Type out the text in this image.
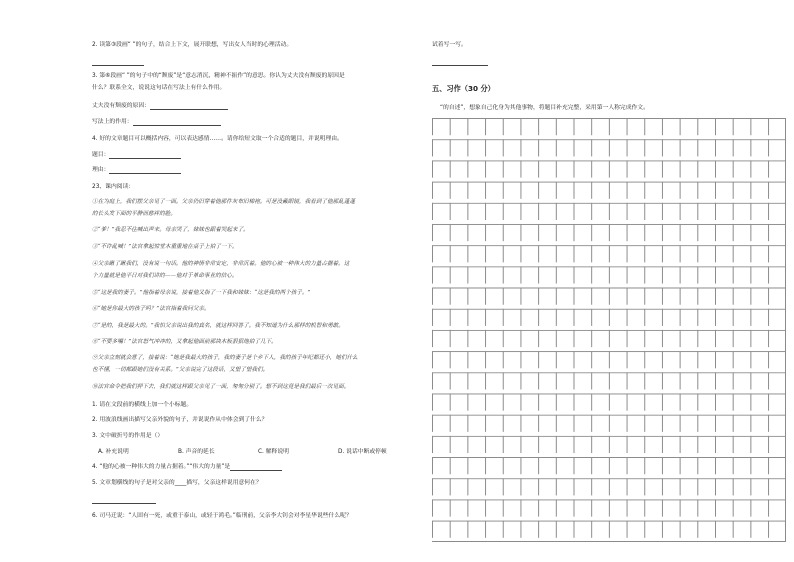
2. 读第③段画“ ”的句子，结合上下文，展开联想，写出女人当时的心理活动。
3. 第⑥段画“ ”的句子中的“颓废”是“意志消沉，精神不振作”的意思。你认为丈夫没有颓废的原因是
什么？联系全文，说说这句话在写法上有什么作用。
丈夫没有颓废的原因：
写法上的作用：
4. 好的文章题目可以概括内容，可以表达感情……。请你给短文取一个合适的题目，并说明理由。
题目：
理由：
23、课内阅读：
①在为庭上，我们摆父亲见了一面。父亲仍旧穿着他那件灰布旧棉袍。可是没戴眼镜，我看到了他那乱蓬蓬
的长头发下面的平静而慈祥的脸。
②“爹！”我忍不住喊出声来。母亲哭了，妹妹也跟着哭起来了。
③“不许乱喊！”法官拿起惊堂木重重地在桌子上拍了一下。
④父亲瞅了瞅我们，没有说一句话。他的神情非常安定，非常沉着。他的心被一种伟大的力量占据着。这
个力量就是他平日对我们讲的——他对于革命事业的信心。
⑤“这是我的妻子。”他指着母亲说，接着他又指了一下我和妹妹：“这是我的两个孩子。”
⑥“她是你最大的孩子吗？”法官指着我问父亲。
⑦“是的，我是最大的。”我怕父亲说出我的真名，就这样回答了。我不知道为什么那样的机智和勇敢。
⑧“不要多嘴！”法官怒气冲冲的，又拿起他面前那块木板狠狠地拍了几下。
⑨父亲立刻就会意了，接着说：“她是我最大的孩子，我的妻子是个乡下人，我的孩子年纪都还小，她们什么
也不懂，一切都跟她们没有关系。”父亲说完了这段话，又望了望我们。
⑩法官命令把我们押下去，我们就这样跟父亲见了一面，匆匆分别了。想不到这竟是我们最后一次见面。
1. 请在文段前的横线上加一个小标题。
2. 用波浪线画出描写父亲外貌的句子，并说说作从中体会到了什么？
3. 文中破折号的作用是（）
A. 补充说明	B. 声音的延长	C. 解释说明	D. 说话中断或停顿
4. “他的心被一种伟大的力量占据着。”“伟大的力量”是
5. 文章划横线的句子是对父亲的____描写，父亲这样说用意何在？
6. 司马迁说：“人固有一死，或重于泰山，或轻于鸿毛。”临刑前，父亲李大钊会对李星华说些什么呢？
试着写一写。
五、习作（30 分）
“的自述”，想象自己化身为其他事物，将题目补充完整，采用第一人称完成作文。
